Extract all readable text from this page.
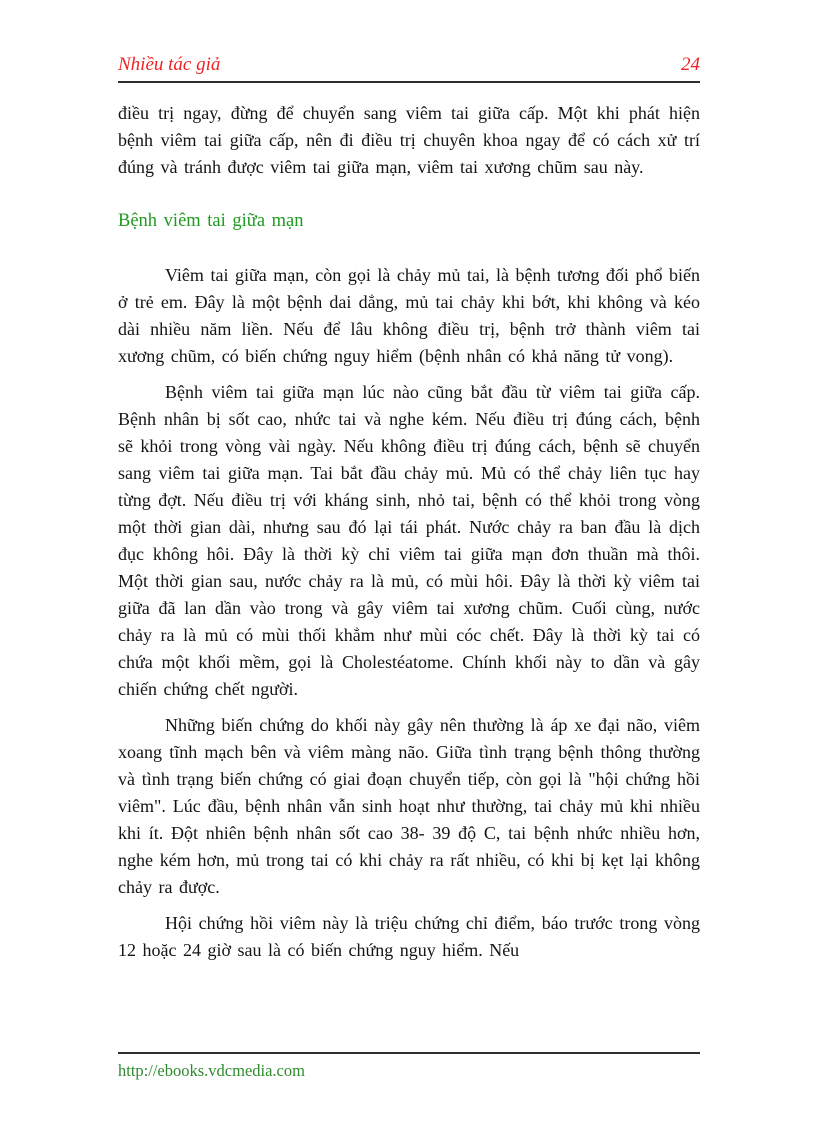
Nhiều tác giả	24

điều trị ngay, đừng để chuyển sang viêm tai giữa cấp. Một khi phát hiện bệnh viêm tai giữa cấp, nên đi điều trị chuyên khoa ngay để có cách xử trí đúng và tránh được viêm tai giữa mạn, viêm tai xương chũm sau này.

Bệnh viêm tai giữa mạn

Viêm tai giữa mạn, còn gọi là chảy mủ tai, là bệnh tương đối phổ biến ở trẻ em. Đây là một bệnh dai dẳng, mủ tai chảy khi bớt, khi không và kéo dài nhiều năm liền. Nếu để lâu không điều trị, bệnh trở thành viêm tai xương chũm, có biến chứng nguy hiểm (bệnh nhân có khả năng tử vong).

Bệnh viêm tai giữa mạn lúc nào cũng bắt đầu từ viêm tai giữa cấp. Bệnh nhân bị sốt cao, nhức tai và nghe kém. Nếu điều trị đúng cách, bệnh sẽ khỏi trong vòng vài ngày. Nếu không điều trị đúng cách, bệnh sẽ chuyển sang viêm tai giữa mạn. Tai bắt đầu chảy mủ. Mủ có thể chảy liên tục hay từng đợt. Nếu điều trị với kháng sinh, nhỏ tai, bệnh có thể khỏi trong vòng một thời gian dài, nhưng sau đó lại tái phát. Nước chảy ra ban đầu là dịch đục không hôi. Đây là thời kỳ chỉ viêm tai giữa mạn đơn thuần mà thôi. Một thời gian sau, nước chảy ra là mủ, có mùi hôi. Đây là thời kỳ viêm tai giữa đã lan dần vào trong và gây viêm tai xương chũm. Cuối cùng, nước chảy ra là mủ có mùi thối khẳm như mùi cóc chết. Đây là thời kỳ tai có chứa một khối mềm, gọi là Cholestéatome. Chính khối này to dần và gây chiến chứng chết người.

Những biến chứng do khối này gây nên thường là áp xe đại não, viêm xoang tĩnh mạch bên và viêm màng não. Giữa tình trạng bệnh thông thường và tình trạng biến chứng có giai đoạn chuyển tiếp, còn gọi là "hội chứng hồi viêm". Lúc đầu, bệnh nhân vẫn sinh hoạt như thường, tai chảy mủ khi nhiều khi ít. Đột nhiên bệnh nhân sốt cao 38- 39 độ C, tai bệnh nhức nhiều hơn, nghe kém hơn, mủ trong tai có khi chảy ra rất nhiều, có khi bị kẹt lại không chảy ra được.

Hội chứng hồi viêm này là triệu chứng chỉ điểm, báo trước trong vòng 12 hoặc 24 giờ sau là có biến chứng nguy hiểm. Nếu

http://ebooks.vdcmedia.com
